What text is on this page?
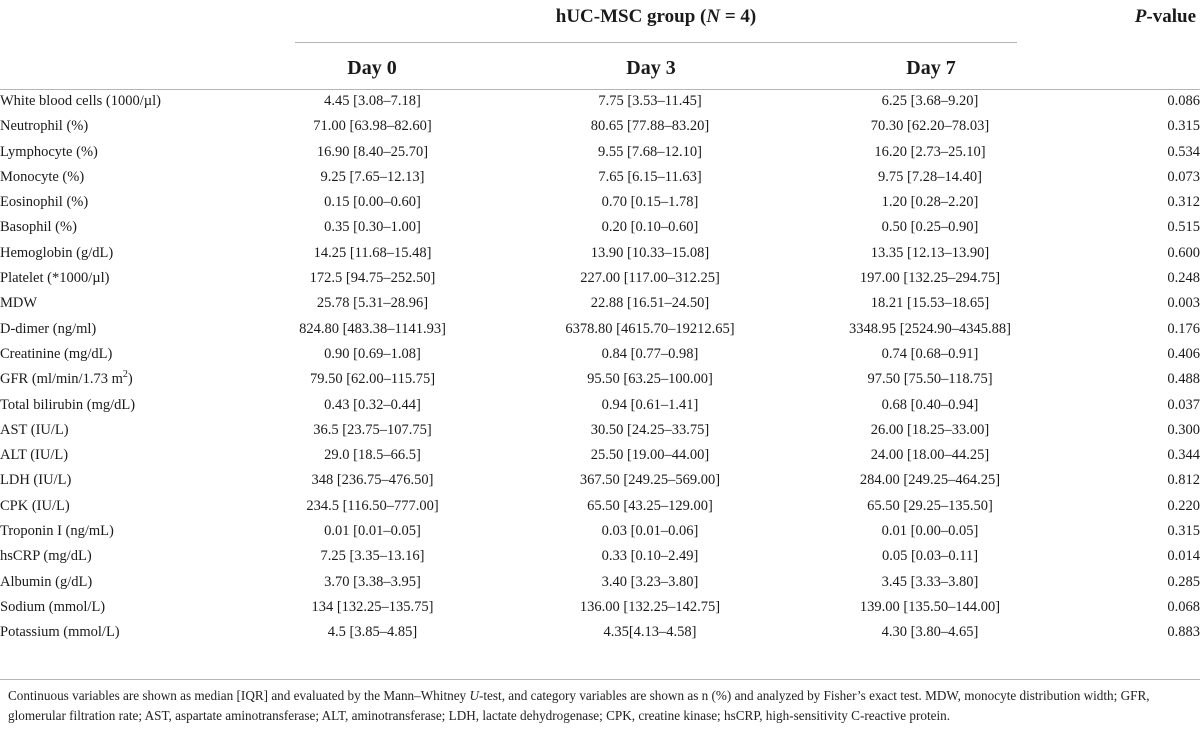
hUC-MSC group (N = 4)	P-value
Day 0	Day 3	Day 7
White blood cells (1000/µl)	4.45 [3.08–7.18]	7.75 [3.53–11.45]	6.25 [3.68–9.20]	0.086
Neutrophil (%)	71.00 [63.98–82.60]	80.65 [77.88–83.20]	70.30 [62.20–78.03]	0.315
Lymphocyte (%)	16.90 [8.40–25.70]	9.55 [7.68–12.10]	16.20 [2.73–25.10]	0.534
Monocyte (%)	9.25 [7.65–12.13]	7.65 [6.15–11.63]	9.75 [7.28–14.40]	0.073
Eosinophil (%)	0.15 [0.00–0.60]	0.70 [0.15–1.78]	1.20 [0.28–2.20]	0.312
Basophil (%)	0.35 [0.30–1.00]	0.20 [0.10–0.60]	0.50 [0.25–0.90]	0.515
Hemoglobin (g/dL)	14.25 [11.68–15.48]	13.90 [10.33–15.08]	13.35 [12.13–13.90]	0.600
Platelet (*1000/µl)	172.5 [94.75–252.50]	227.00 [117.00–312.25]	197.00 [132.25–294.75]	0.248
MDW	25.78 [5.31–28.96]	22.88 [16.51–24.50]	18.21 [15.53–18.65]	0.003
D-dimer (ng/ml)	824.80 [483.38–1141.93]	6378.80 [4615.70–19212.65]	3348.95 [2524.90–4345.88]	0.176
Creatinine (mg/dL)	0.90 [0.69–1.08]	0.84 [0.77–0.98]	0.74 [0.68–0.91]	0.406
GFR (ml/min/1.73 $m^2$)	79.50 [62.00–115.75]	95.50 [63.25–100.00]	97.50 [75.50–118.75]	0.488
Total bilirubin (mg/dL)	0.43 [0.32–0.44]	0.94 [0.61–1.41]	0.68 [0.40–0.94]	0.037
AST (IU/L)	36.5 [23.75–107.75]	30.50 [24.25–33.75]	26.00 [18.25–33.00]	0.300
ALT (IU/L)	29.0 [18.5–66.5]	25.50 [19.00–44.00]	24.00 [18.00–44.25]	0.344
LDH (IU/L)	348 [236.75–476.50]	367.50 [249.25–569.00]	284.00 [249.25–464.25]	0.812
CPK (IU/L)	234.5 [116.50–777.00]	65.50 [43.25–129.00]	65.50 [29.25–135.50]	0.220
Troponin I (ng/mL)	0.01 [0.01–0.05]	0.03 [0.01–0.06]	0.01 [0.00–0.05]	0.315
hsCRP (mg/dL)	7.25 [3.35–13.16]	0.33 [0.10–2.49]	0.05 [0.03–0.11]	0.014
Albumin (g/dL)	3.70 [3.38–3.95]	3.40 [3.23–3.80]	3.45 [3.33–3.80]	0.285
Sodium (mmol/L)	134 [132.25–135.75]	136.00 [132.25–142.75]	139.00 [135.50–144.00]	0.068
Potassium (mmol/L)	4.5 [3.85–4.85]	4.35[4.13–4.58]	4.30 [3.80–4.65]	0.883
Continuous variables are shown as median [IQR] and evaluated by the Mann–Whitney U-test, and category variables are shown as n (%) and analyzed by Fisher’s exact test. MDW, monocyte distribution width; GFR, glomerular filtration rate; AST, aspartate aminotransferase; ALT, aminotransferase; LDH, lactate dehydrogenase; CPK, creatine kinase; hsCRP, high-sensitivity C-reactive protein.
